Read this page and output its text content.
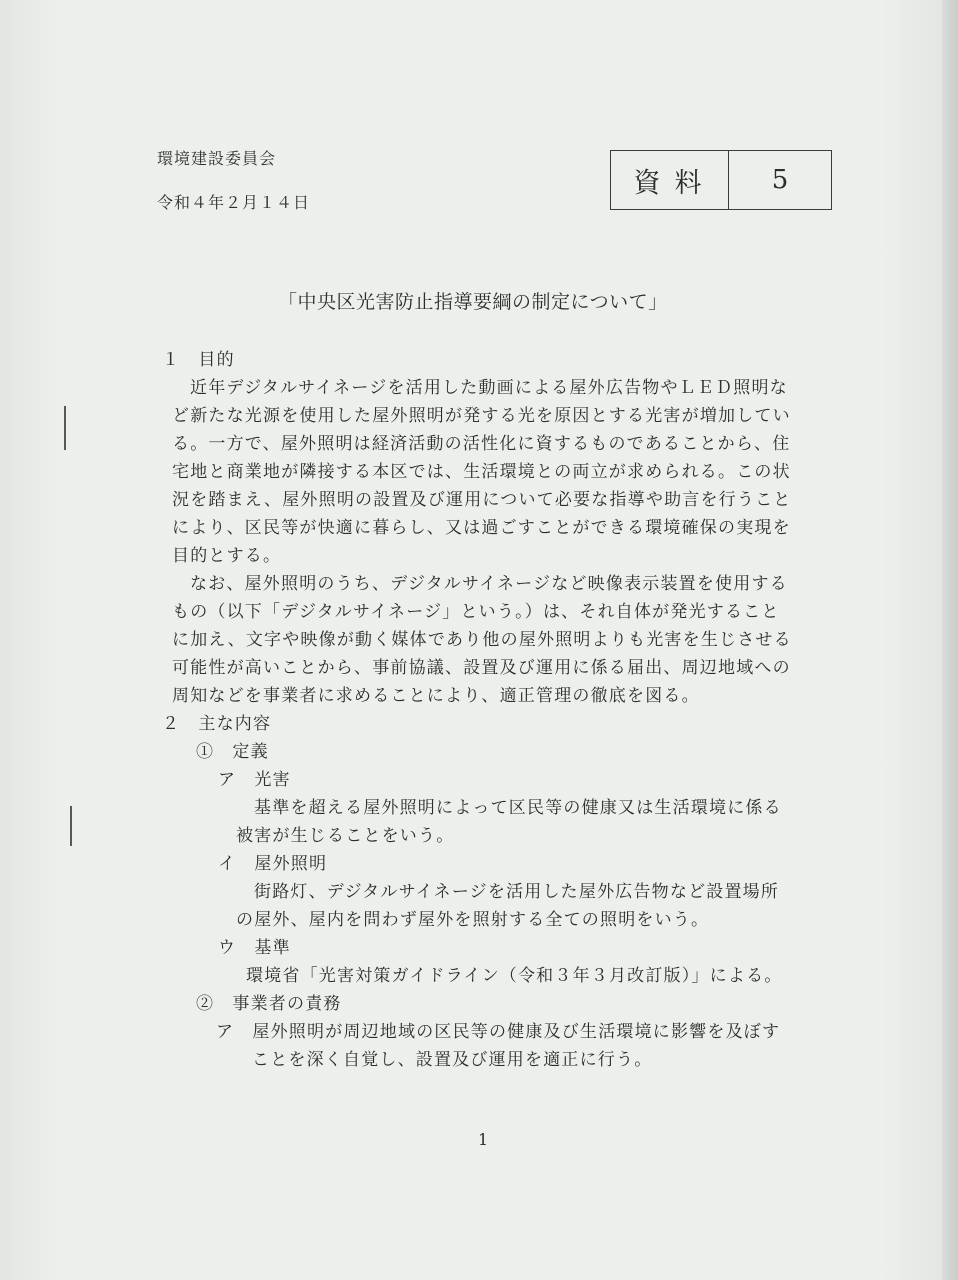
環境建設委員会
令和４年２月１４日
資料	5
「中央区光害防止指導要綱の制定について」
１　目的
近年デジタルサイネージを活用した動画による屋外広告物やＬＥＤ照明な
ど新たな光源を使用した屋外照明が発する光を原因とする光害が増加してい
る。一方で、屋外照明は経済活動の活性化に資するものであることから、住
宅地と商業地が隣接する本区では、生活環境との両立が求められる。この状
況を踏まえ、屋外照明の設置及び運用について必要な指導や助言を行うこと
により、区民等が快適に暮らし、又は過ごすことができる環境確保の実現を
目的とする。
なお、屋外照明のうち、デジタルサイネージなど映像表示装置を使用する
もの（以下「デジタルサイネージ」という。）は、それ自体が発光すること
に加え、文字や映像が動く媒体であり他の屋外照明よりも光害を生じさせる
可能性が高いことから、事前協議、設置及び運用に係る届出、周辺地域への
周知などを事業者に求めることにより、適正管理の徹底を図る。
２　主な内容
①　定義
ア　光害
基準を超える屋外照明によって区民等の健康又は生活環境に係る
被害が生じることをいう。
イ　屋外照明
街路灯、デジタルサイネージを活用した屋外広告物など設置場所
の屋外、屋内を問わず屋外を照射する全ての照明をいう。
ウ　基準
環境省「光害対策ガイドライン（令和３年３月改訂版）」による。
②　事業者の責務
ア　屋外照明が周辺地域の区民等の健康及び生活環境に影響を及ぼす
ことを深く自覚し、設置及び運用を適正に行う。
1
